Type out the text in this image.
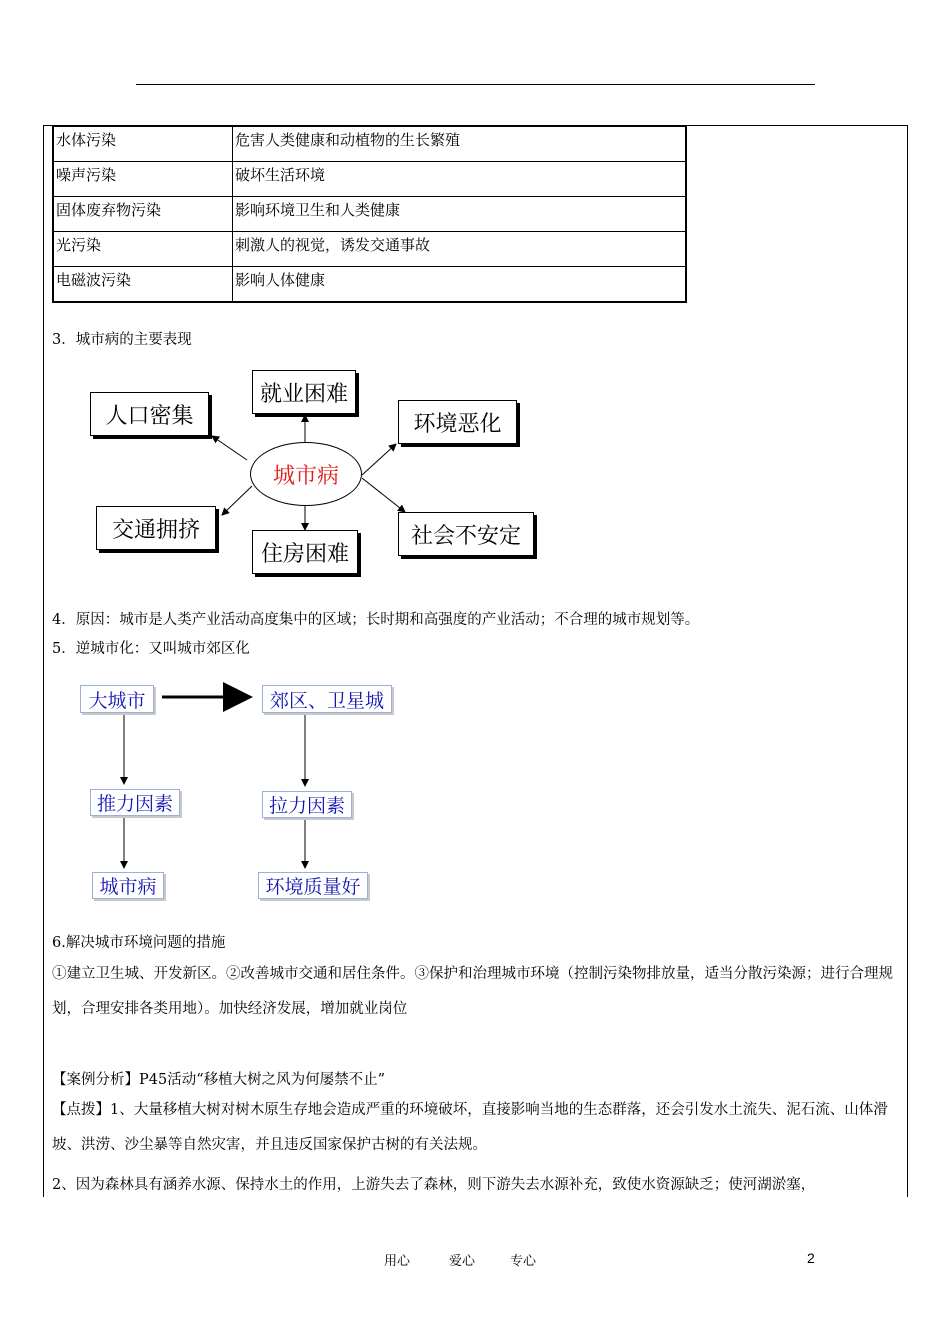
水体污染	危害人类健康和动植物的生长繁殖
噪声污染	破坏生活环境
固体废弃物污染	影响环境卫生和人类健康
光污染	刺激人的视觉，诱发交通事故
电磁波污染	影响人体健康
3．城市病的主要表现
人口密集
就业困难
环境恶化
城市病
交通拥挤
住房困难
社会不安定
4．原因：城市是人类产业活动高度集中的区域；长时期和高强度的产业活动；不合理的城市规划等。
5．逆城市化：又叫城市郊区化
大城市	郊区、卫星城
推力因素	拉力因素
城市病	环境质量好
6.解决城市环境问题的措施
①建立卫生城、开发新区。②改善城市交通和居住条件。③保护和治理城市环境（控制污染物排放量，适当分散污染源；进行合理规划，合理安排各类用地）。加快经济发展，增加就业岗位
【案例分析】P45活动“移植大树之风为何屡禁不止”
【点拨】1、大量移植大树对树木原生存地会造成严重的环境破坏，直接影响当地的生态群落，还会引发水土流失、泥石流、山体滑坡、洪涝、沙尘暴等自然灾害，并且违反国家保护古树的有关法规。
2、因为森林具有涵养水源、保持水土的作用，上游失去了森林，则下游失去水源补充，致使水资源缺乏；使河湖淤塞，
用心	爱心	专心	2
